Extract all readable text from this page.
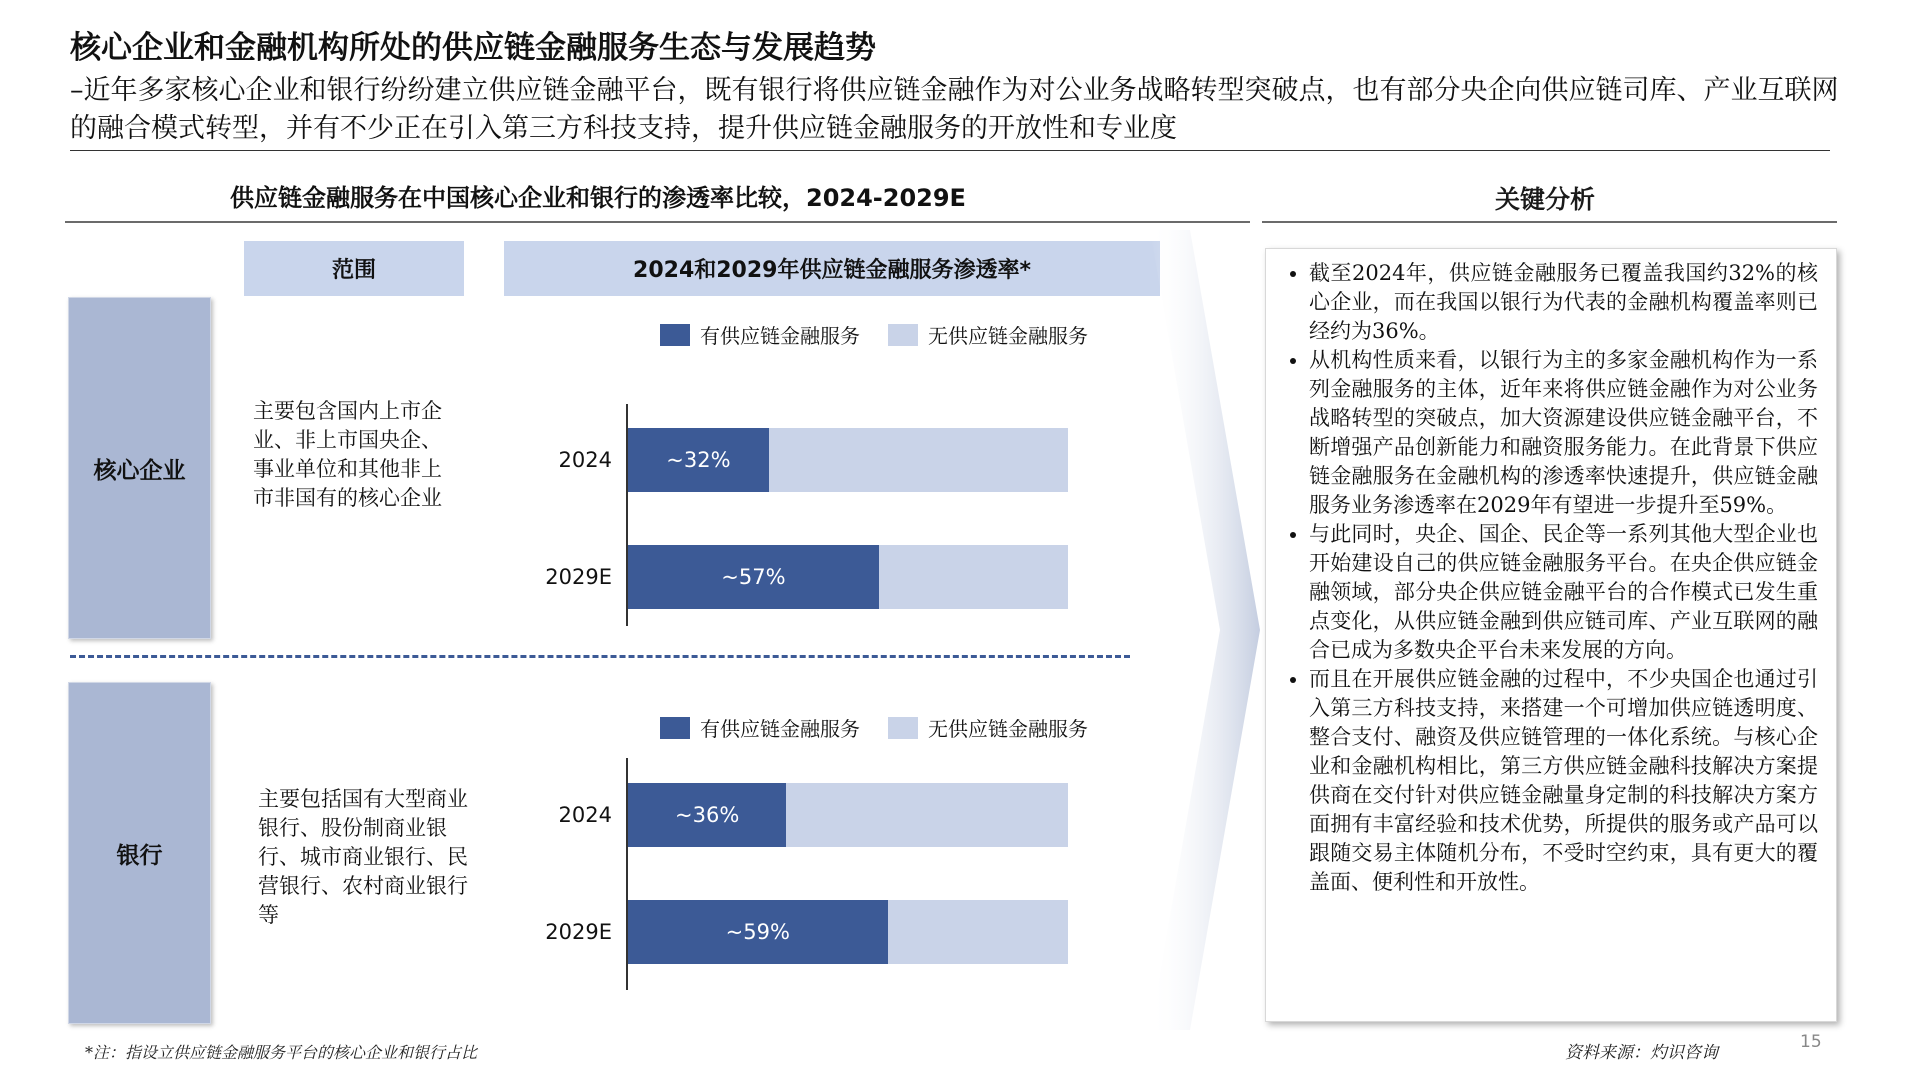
核心企业和金融机构所处的供应链金融服务生态与发展趋势
–近年多家核心企业和银行纷纷建立供应链金融平台，既有银行将供应链金融作为对公业务战略转型突破点，也有部分央企向供应链司库、产业互联网的融合模式转型，并有不少正在引入第三方科技支持，提升供应链金融服务的开放性和专业度
供应链金融服务在中国核心企业和银行的渗透率比较，2024-2029E	关键分析
范围	2024和2029年供应链金融服务渗透率*
核心企业
银行
主要包含国内上市企业、非上市国央企、事业单位和其他非上市非国有的核心企业
主要包括国有大型商业银行、股份制商业银行、城市商业银行、民营银行、农村商业银行等
有供应链金融服务	无供应链金融服务
2024	~32%
2029E	~57%
有供应链金融服务	无供应链金融服务
2024	~36%
2029E	~59%
• 截至2024年，供应链金融服务已覆盖我国约32%的核心企业，而在我国以银行为代表的金融机构覆盖率则已经约为36%。
• 从机构性质来看，以银行为主的多家金融机构作为一系列金融服务的主体，近年来将供应链金融作为对公业务战略转型的突破点，加大资源建设供应链金融平台，不断增强产品创新能力和融资服务能力。在此背景下供应链金融服务在金融机构的渗透率快速提升，供应链金融服务业务渗透率在2029年有望进一步提升至59%。
• 与此同时，央企、国企、民企等一系列其他大型企业也开始建设自己的供应链金融服务平台。在央企供应链金融领域，部分央企供应链金融平台的合作模式已发生重点变化，从供应链金融到供应链司库、产业互联网的融合已成为多数央企平台未来发展的方向。
• 而且在开展供应链金融的过程中，不少央国企也通过引入第三方科技支持，来搭建一个可增加供应链透明度、整合支付、融资及供应链管理的一体化系统。与核心企业和金融机构相比，第三方供应链金融科技解决方案提供商在交付针对供应链金融量身定制的科技解决方案方面拥有丰富经验和技术优势，所提供的服务或产品可以跟随交易主体随机分布，不受时空约束，具有更大的覆盖面、便利性和开放性。
*注：指设立供应链金融服务平台的核心企业和银行占比	资料来源：灼识咨询
15
